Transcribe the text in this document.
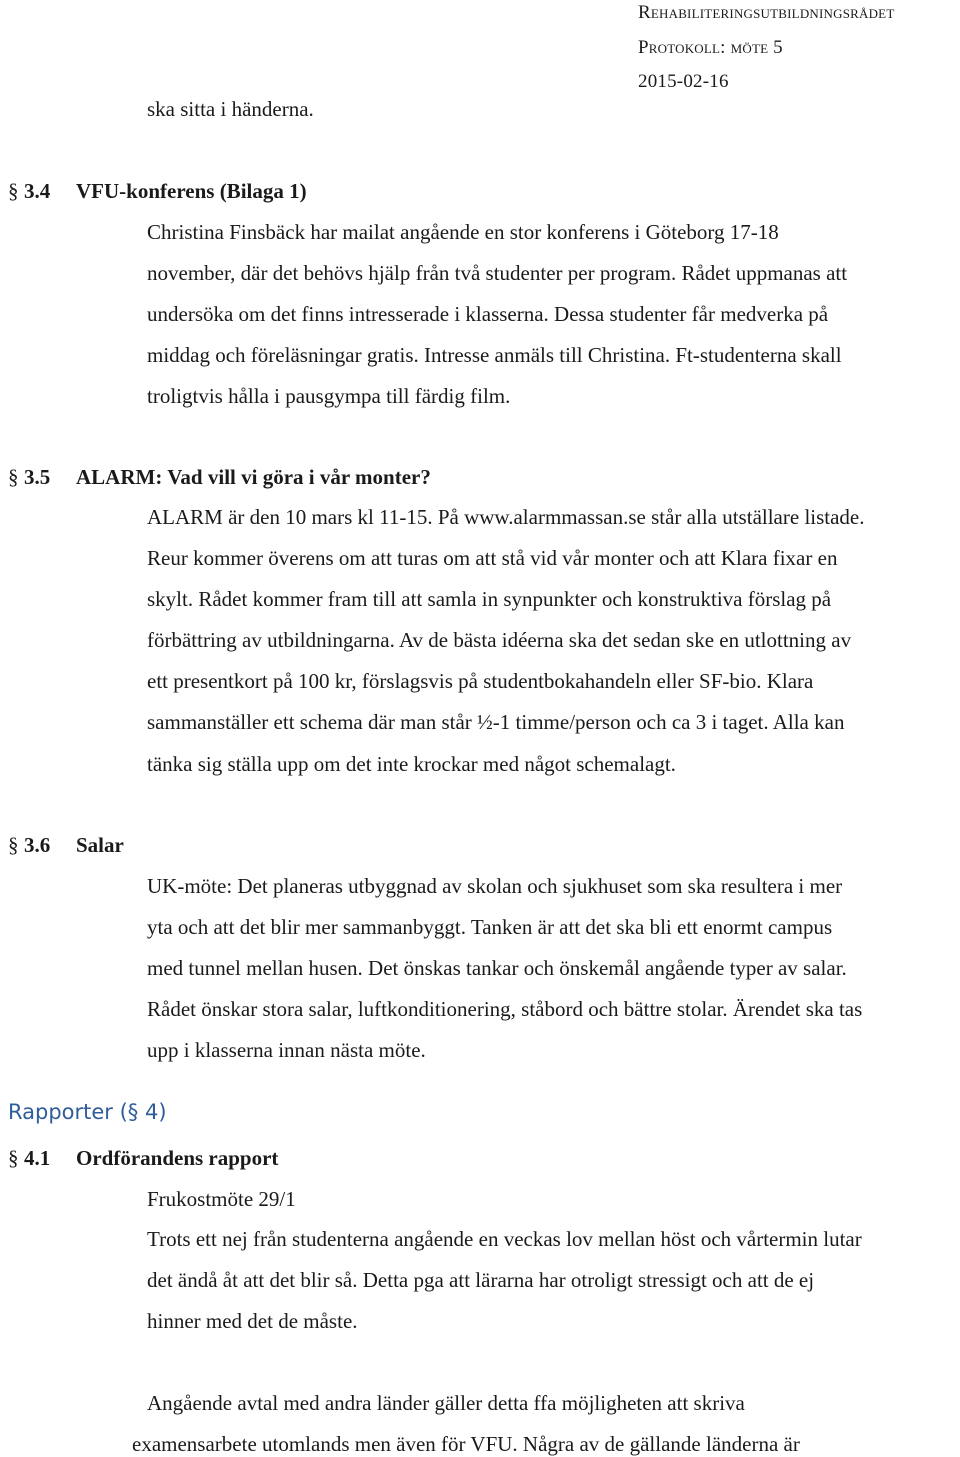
Rehabiliteringsutbildningsrådet
Protokoll: möte 5
2015-02-16
ska sitta i händerna.
§ 3.4 VFU-konferens (Bilaga 1)
Christina Finsbäck har mailat angående en stor konferens i Göteborg 17-18
november, där det behövs hjälp från två studenter per program. Rådet uppmanas att
undersöka om det finns intresserade i klasserna. Dessa studenter får medverka på
middag och föreläsningar gratis. Intresse anmäls till Christina. Ft-studenterna skall
troligtvis hålla i pausgympa till färdig film.
§ 3.5 ALARM: Vad vill vi göra i vår monter?
ALARM är den 10 mars kl 11-15. På www.alarmmassan.se står alla utställare listade.
Reur kommer överens om att turas om att stå vid vår monter och att Klara fixar en
skylt. Rådet kommer fram till att samla in synpunkter och konstruktiva förslag på
förbättring av utbildningarna. Av de bästa idéerna ska det sedan ske en utlottning av
ett presentkort på 100 kr, förslagsvis på studentbokahandeln eller SF-bio. Klara
sammanställer ett schema där man står ½-1 timme/person och ca 3 i taget. Alla kan
tänka sig ställa upp om det inte krockar med något schemalagt.
§ 3.6 Salar
UK-möte: Det planeras utbyggnad av skolan och sjukhuset som ska resultera i mer
yta och att det blir mer sammanbyggt. Tanken är att det ska bli ett enormt campus
med tunnel mellan husen. Det önskas tankar och önskemål angående typer av salar.
Rådet önskar stora salar, luftkonditionering, ståbord och bättre stolar. Ärendet ska tas
upp i klasserna innan nästa möte.
Rapporter (§ 4)
§ 4.1 Ordförandens rapport
Frukostmöte 29/1
Trots ett nej från studenterna angående en veckas lov mellan höst och vårtermin lutar
det ändå åt att det blir så. Detta pga att lärarna har otroligt stressigt och att de ej
hinner med det de måste.
Angående avtal med andra länder gäller detta ffa möjligheten att skriva
examensarbete utomlands men även för VFU. Några av de gällande länderna är
